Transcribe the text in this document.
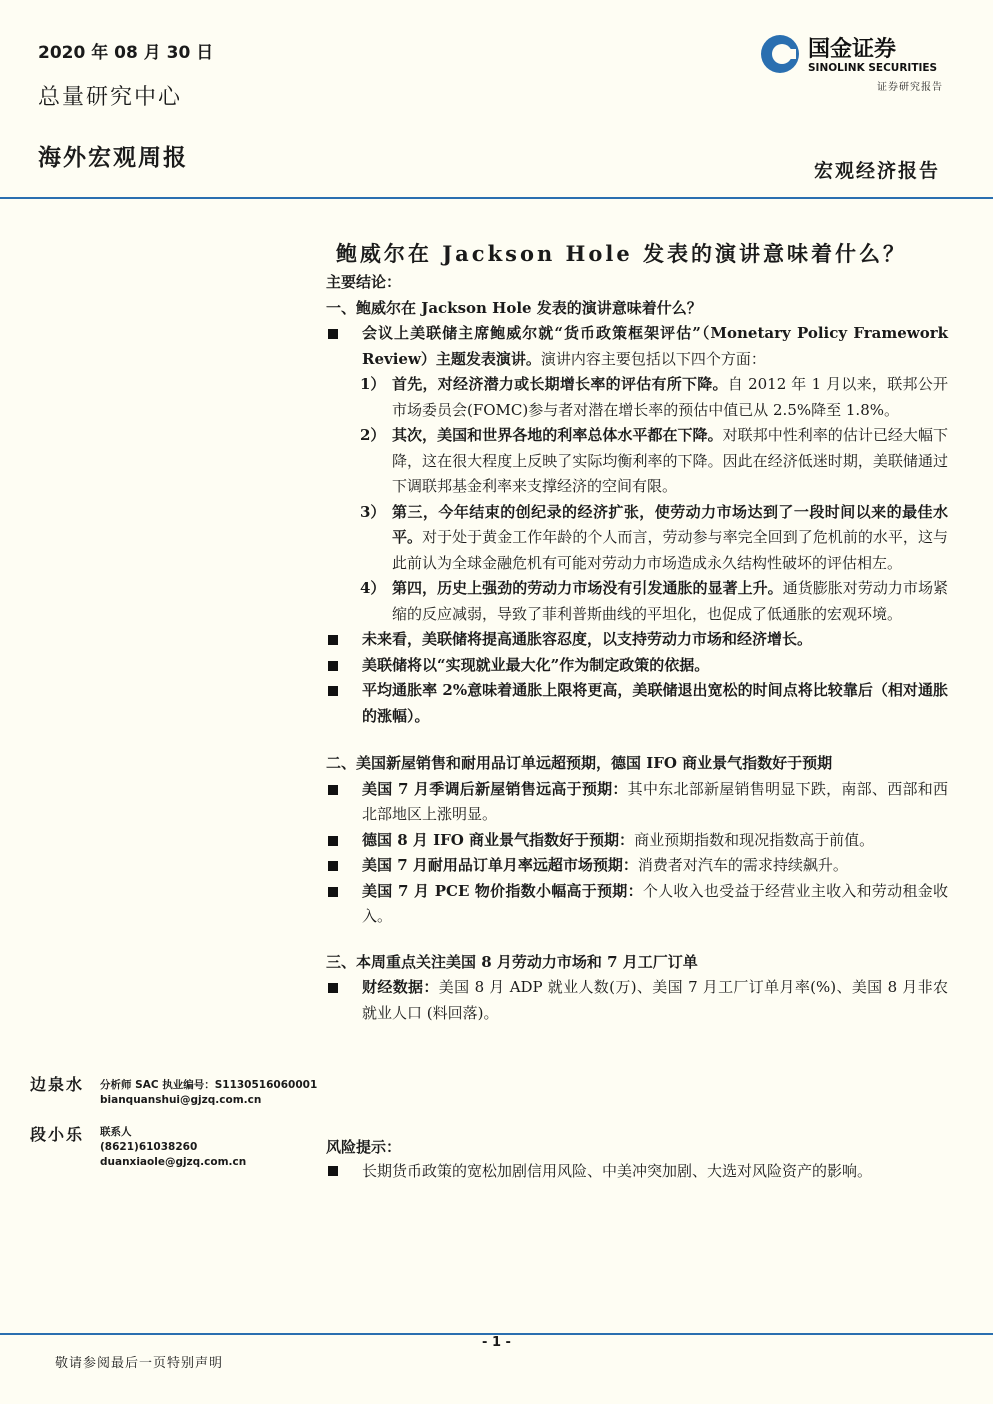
2020 年 08 月 30 日
总量研究中心
海外宏观周报
国金证券
SINOLINK SECURITIES
证券研究报告
宏观经济报告
鲍威尔在 Jackson Hole 发表的演讲意味着什么？
主要结论：
一、鲍威尔在 Jackson Hole 发表的演讲意味着什么？
会议上美联储主席鲍威尔就“货币政策框架评估”（Monetary Policy Framework Review）主题发表演讲。演讲内容主要包括以下四个方面：
1） 首先，对经济潜力或长期增长率的评估有所下降。自 2012 年 1 月以来，联邦公开市场委员会(FOMC)参与者对潜在增长率的预估中值已从 2.5%降至 1.8%。
2） 其次，美国和世界各地的利率总体水平都在下降。对联邦中性利率的估计已经大幅下降，这在很大程度上反映了实际均衡利率的下降。因此在经济低迷时期，美联储通过下调联邦基金利率来支撑经济的空间有限。
3） 第三，今年结束的创纪录的经济扩张，使劳动力市场达到了一段时间以来的最佳水平。对于处于黄金工作年龄的个人而言，劳动参与率完全回到了危机前的水平，这与此前认为全球金融危机有可能对劳动力市场造成永久结构性破坏的评估相左。
4） 第四，历史上强劲的劳动力市场没有引发通胀的显著上升。通货膨胀对劳动力市场紧缩的反应减弱，导致了菲利普斯曲线的平坦化，也促成了低通胀的宏观环境。
未来看，美联储将提高通胀容忍度，以支持劳动力市场和经济增长。
美联储将以“实现就业最大化”作为制定政策的依据。
平均通胀率 2%意味着通胀上限将更高，美联储退出宽松的时间点将比较靠后（相对通胀的涨幅）。
二、美国新屋销售和耐用品订单远超预期，德国 IFO 商业景气指数好于预期
美国 7 月季调后新屋销售远高于预期：其中东北部新屋销售明显下跌，南部、西部和西北部地区上涨明显。
德国 8 月 IFO 商业景气指数好于预期：商业预期指数和现况指数高于前值。
美国 7 月耐用品订单月率远超市场预期：消费者对汽车的需求持续飙升。
美国 7 月 PCE 物价指数小幅高于预期：个人收入也受益于经营业主收入和劳动租金收入。
三、本周重点关注美国 8 月劳动力市场和 7 月工厂订单
财经数据：美国 8 月 ADP 就业人数(万)、美国 7 月工厂订单月率(%)、美国 8 月非农就业人口 (料回落)。
边泉水 分析师 SAC 执业编号：S1130516060001
bianquanshui@gjzq.com.cn
段小乐 联系人
(8621)61038260
duanxiaole@gjzq.com.cn
风险提示：
长期货币政策的宽松加剧信用风险、中美冲突加剧、大选对风险资产的影响。
- 1 -
敬请参阅最后一页特别声明
